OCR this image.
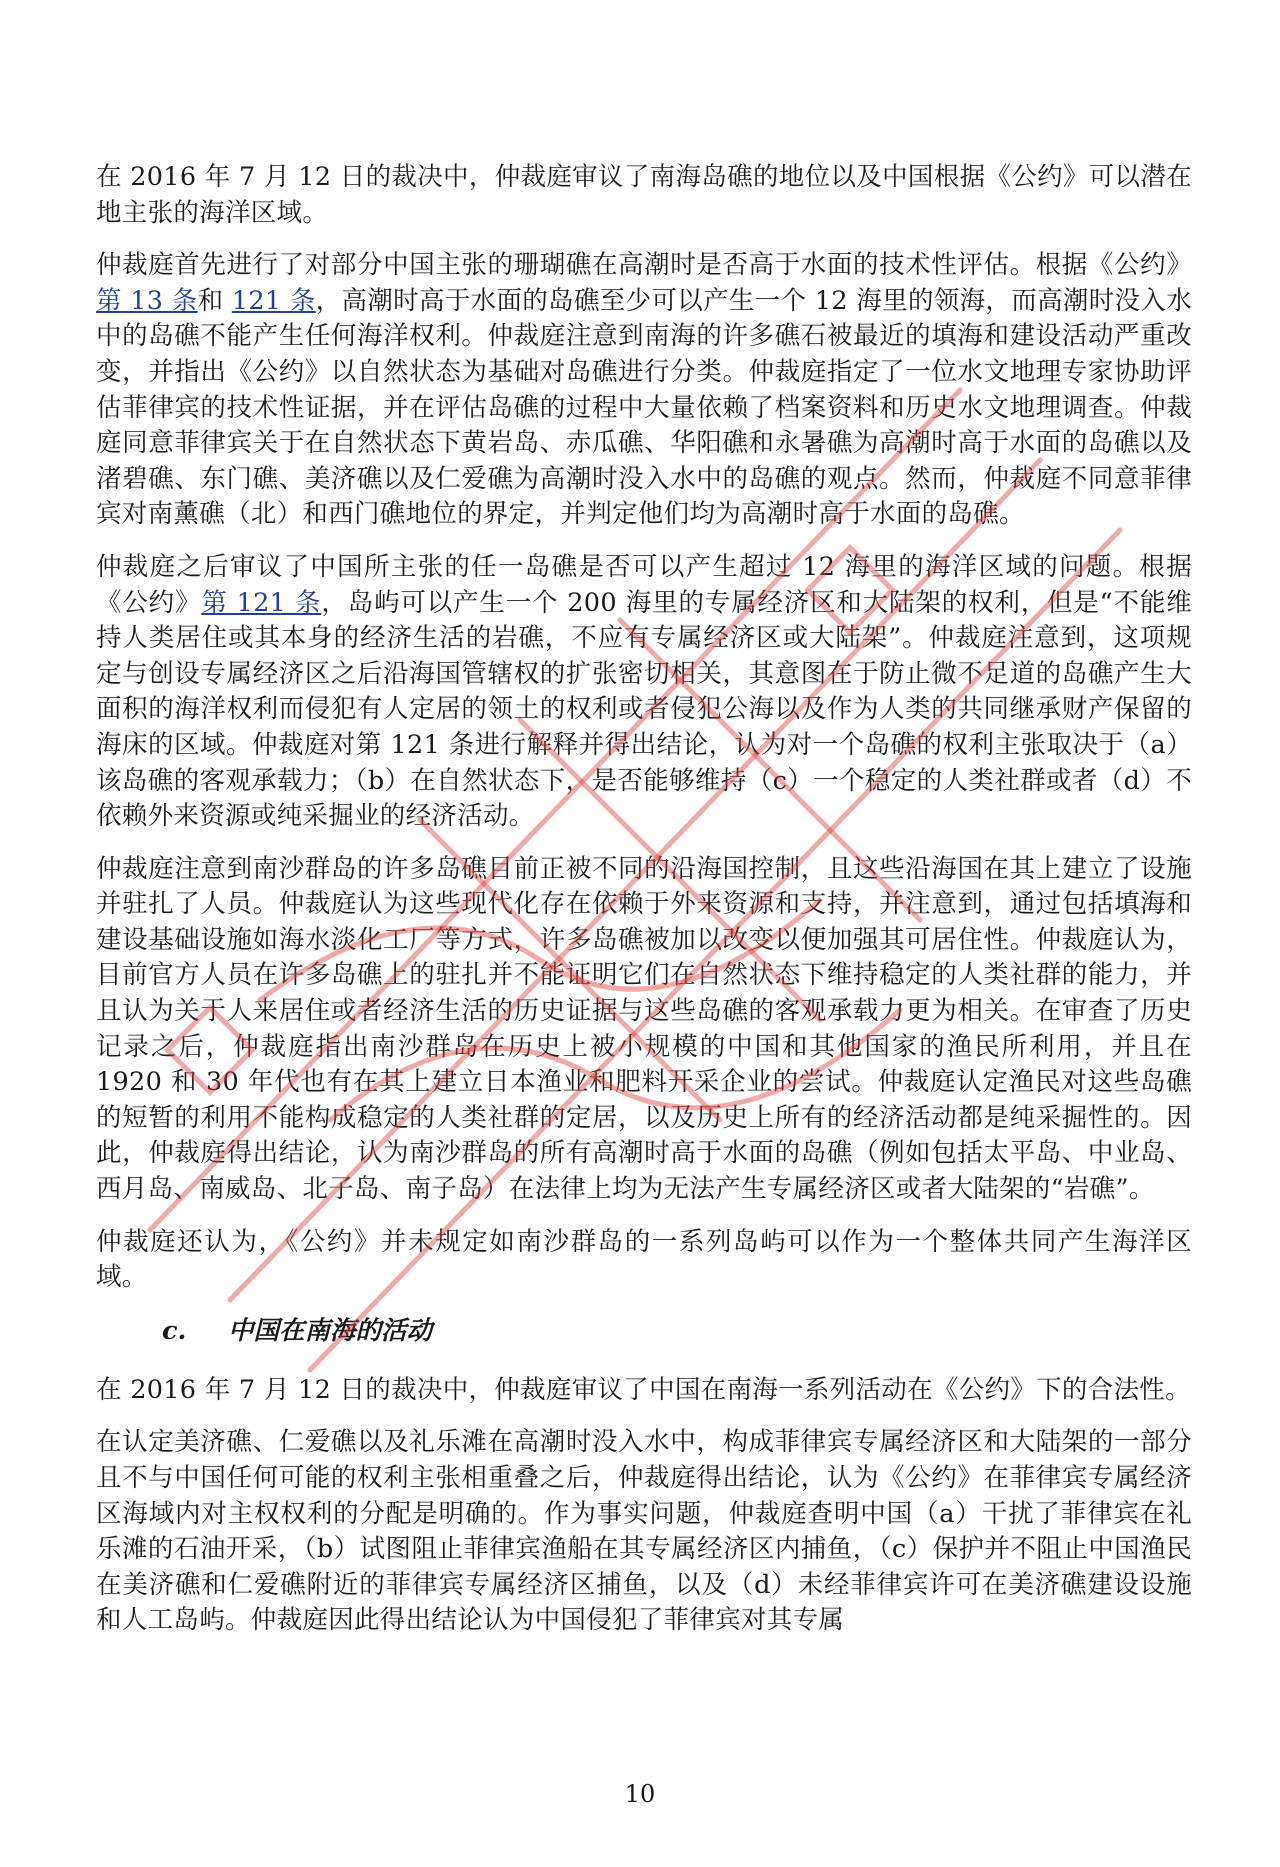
在 2016 年 7 月 12 日的裁决中，仲裁庭审议了南海岛礁的地位以及中国根据《公约》可以潜在地主张的海洋区域。

仲裁庭首先进行了对部分中国主张的珊瑚礁在高潮时是否高于水面的技术性评估。根据《公约》第 13 条和 121 条，高潮时高于水面的岛礁至少可以产生一个 12 海里的领海，而高潮时没入水中的岛礁不能产生任何海洋权利。仲裁庭注意到南海的许多礁石被最近的填海和建设活动严重改变，并指出《公约》以自然状态为基础对岛礁进行分类。仲裁庭指定了一位水文地理专家协助评估菲律宾的技术性证据，并在评估岛礁的过程中大量依赖了档案资料和历史水文地理调查。仲裁庭同意菲律宾关于在自然状态下黄岩岛、赤瓜礁、华阳礁和永暑礁为高潮时高于水面的岛礁以及渚碧礁、东门礁、美济礁以及仁爱礁为高潮时没入水中的岛礁的观点。然而，仲裁庭不同意菲律宾对南薰礁（北）和西门礁地位的界定，并判定他们均为高潮时高于水面的岛礁。

仲裁庭之后审议了中国所主张的任一岛礁是否可以产生超过 12 海里的海洋区域的问题。根据《公约》第 121 条，岛屿可以产生一个 200 海里的专属经济区和大陆架的权利，但是“不能维持人类居住或其本身的经济生活的岩礁，不应有专属经济区或大陆架”。仲裁庭注意到，这项规定与创设专属经济区之后沿海国管辖权的扩张密切相关，其意图在于防止微不足道的岛礁产生大面积的海洋权利而侵犯有人定居的领土的权利或者侵犯公海以及作为人类的共同继承财产保留的海床的区域。仲裁庭对第 121 条进行解释并得出结论，认为对一个岛礁的权利主张取决于（a）该岛礁的客观承载力；（b）在自然状态下，是否能够维持（c）一个稳定的人类社群或者（d）不依赖外来资源或纯采掘业的经济活动。

仲裁庭注意到南沙群岛的许多岛礁目前正被不同的沿海国控制，且这些沿海国在其上建立了设施并驻扎了人员。仲裁庭认为这些现代化存在依赖于外来资源和支持，并注意到，通过包括填海和建设基础设施如海水淡化工厂等方式，许多岛礁被加以改变以便加强其可居住性。仲裁庭认为，目前官方人员在许多岛礁上的驻扎并不能证明它们在自然状态下维持稳定的人类社群的能力，并且认为关于人来居住或者经济生活的历史证据与这些岛礁的客观承载力更为相关。在审查了历史记录之后，仲裁庭指出南沙群岛在历史上被小规模的中国和其他国家的渔民所利用，并且在 1920 和 30 年代也有在其上建立日本渔业和肥料开采企业的尝试。仲裁庭认定渔民对这些岛礁的短暂的利用不能构成稳定的人类社群的定居，以及历史上所有的经济活动都是纯采掘性的。因此，仲裁庭得出结论，认为南沙群岛的所有高潮时高于水面的岛礁（例如包括太平岛、中业岛、西月岛、南威岛、北子岛、南子岛）在法律上均为无法产生专属经济区或者大陆架的“岩礁”。

仲裁庭还认为，《公约》并未规定如南沙群岛的一系列岛屿可以作为一个整体共同产生海洋区域。

c. 中国在南海的活动

在 2016 年 7 月 12 日的裁决中，仲裁庭审议了中国在南海一系列活动在《公约》下的合法性。

在认定美济礁、仁爱礁以及礼乐滩在高潮时没入水中，构成菲律宾专属经济区和大陆架的一部分且不与中国任何可能的权利主张相重叠之后，仲裁庭得出结论，认为《公约》在菲律宾专属经济区海域内对主权权利的分配是明确的。作为事实问题，仲裁庭查明中国（a）干扰了菲律宾在礼乐滩的石油开采，（b）试图阻止菲律宾渔船在其专属经济区内捕鱼，（c）保护并不阻止中国渔民在美济礁和仁爱礁附近的菲律宾专属经济区捕鱼，以及（d）未经菲律宾许可在美济礁建设设施和人工岛屿。仲裁庭因此得出结论认为中国侵犯了菲律宾对其专属

10
